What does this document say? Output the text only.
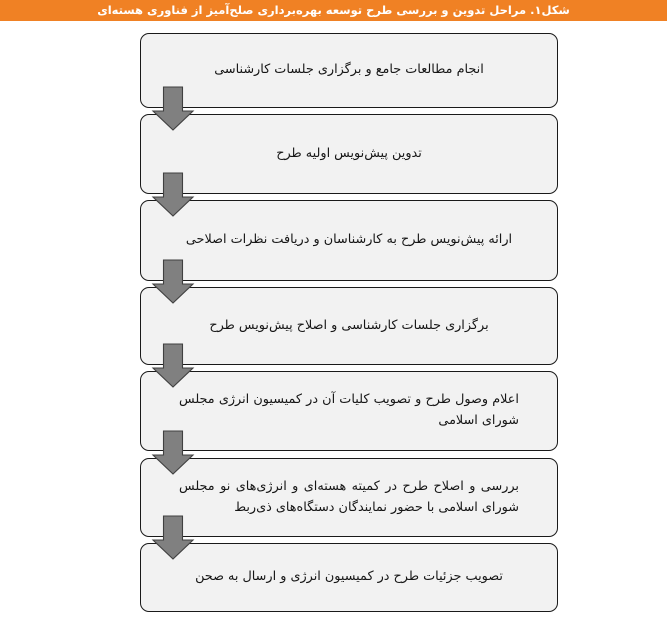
شکل‌۱. مراحل تدوین و بررسی طرح توسعه بهره‌برداری صلح‌آمیز از فناوری هسته‌ای
انجام مطالعات جامع و برگزاری جلسات کارشناسی
تدوین پیش‌نویس اولیه طرح
ارائه پیش‌نویس طرح به کارشناسان و دریافت نظرات اصلاحی
برگزاری جلسات کارشناسی و اصلاح پیش‌نویس طرح
اعلام وصول طرح و تصویب کلیات آن در کمیسیون انرژی مجلس شورای اسلامی
بررسی و اصلاح طرح در کمیته هسته‌ای و انرژی‌های نو مجلس شورای اسلامی با حضور نمایندگان دستگاه‌های ذی‌ربط
تصویب جزئیات طرح در کمیسیون انرژی و ارسال به صحن
